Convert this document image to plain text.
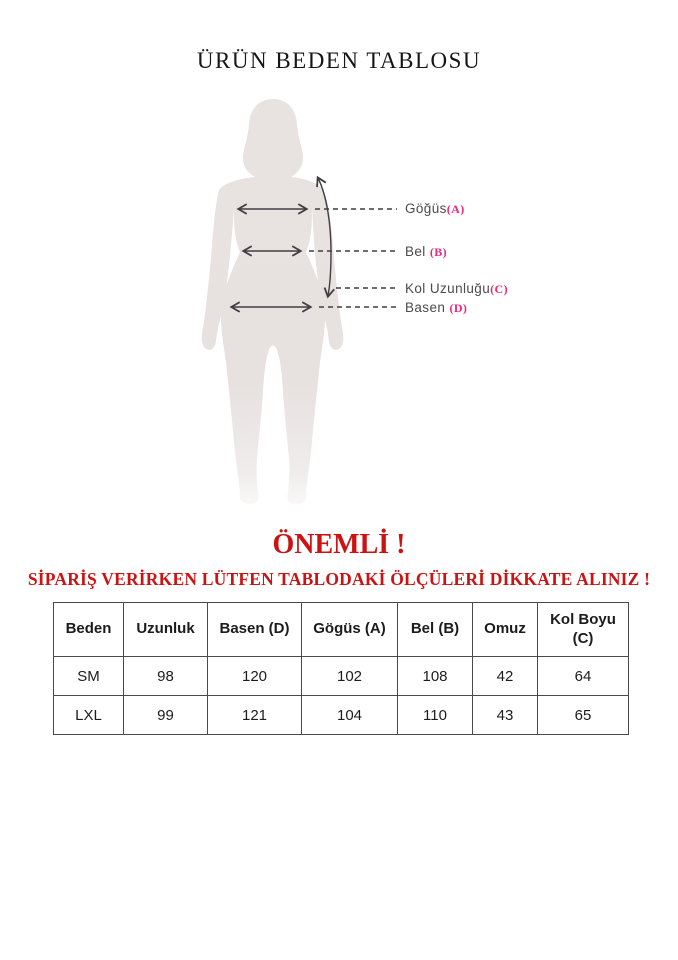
ÜRÜN BEDEN TABLOSU
Göğüs(A)
Bel (B)
Kol Uzunluğu(C)
Basen (D)
ÖNEMLİ !
SİPARİŞ VERİRKEN LÜTFEN TABLODAKİ ÖLÇÜLERİ DİKKATE ALINIZ !
Beden	Uzunluk	Basen (D)	Gögüs (A)	Bel (B)	Omuz	Kol Boyu (C)
SM	98	120	102	108	42	64
LXL	99	121	104	110	43	65
